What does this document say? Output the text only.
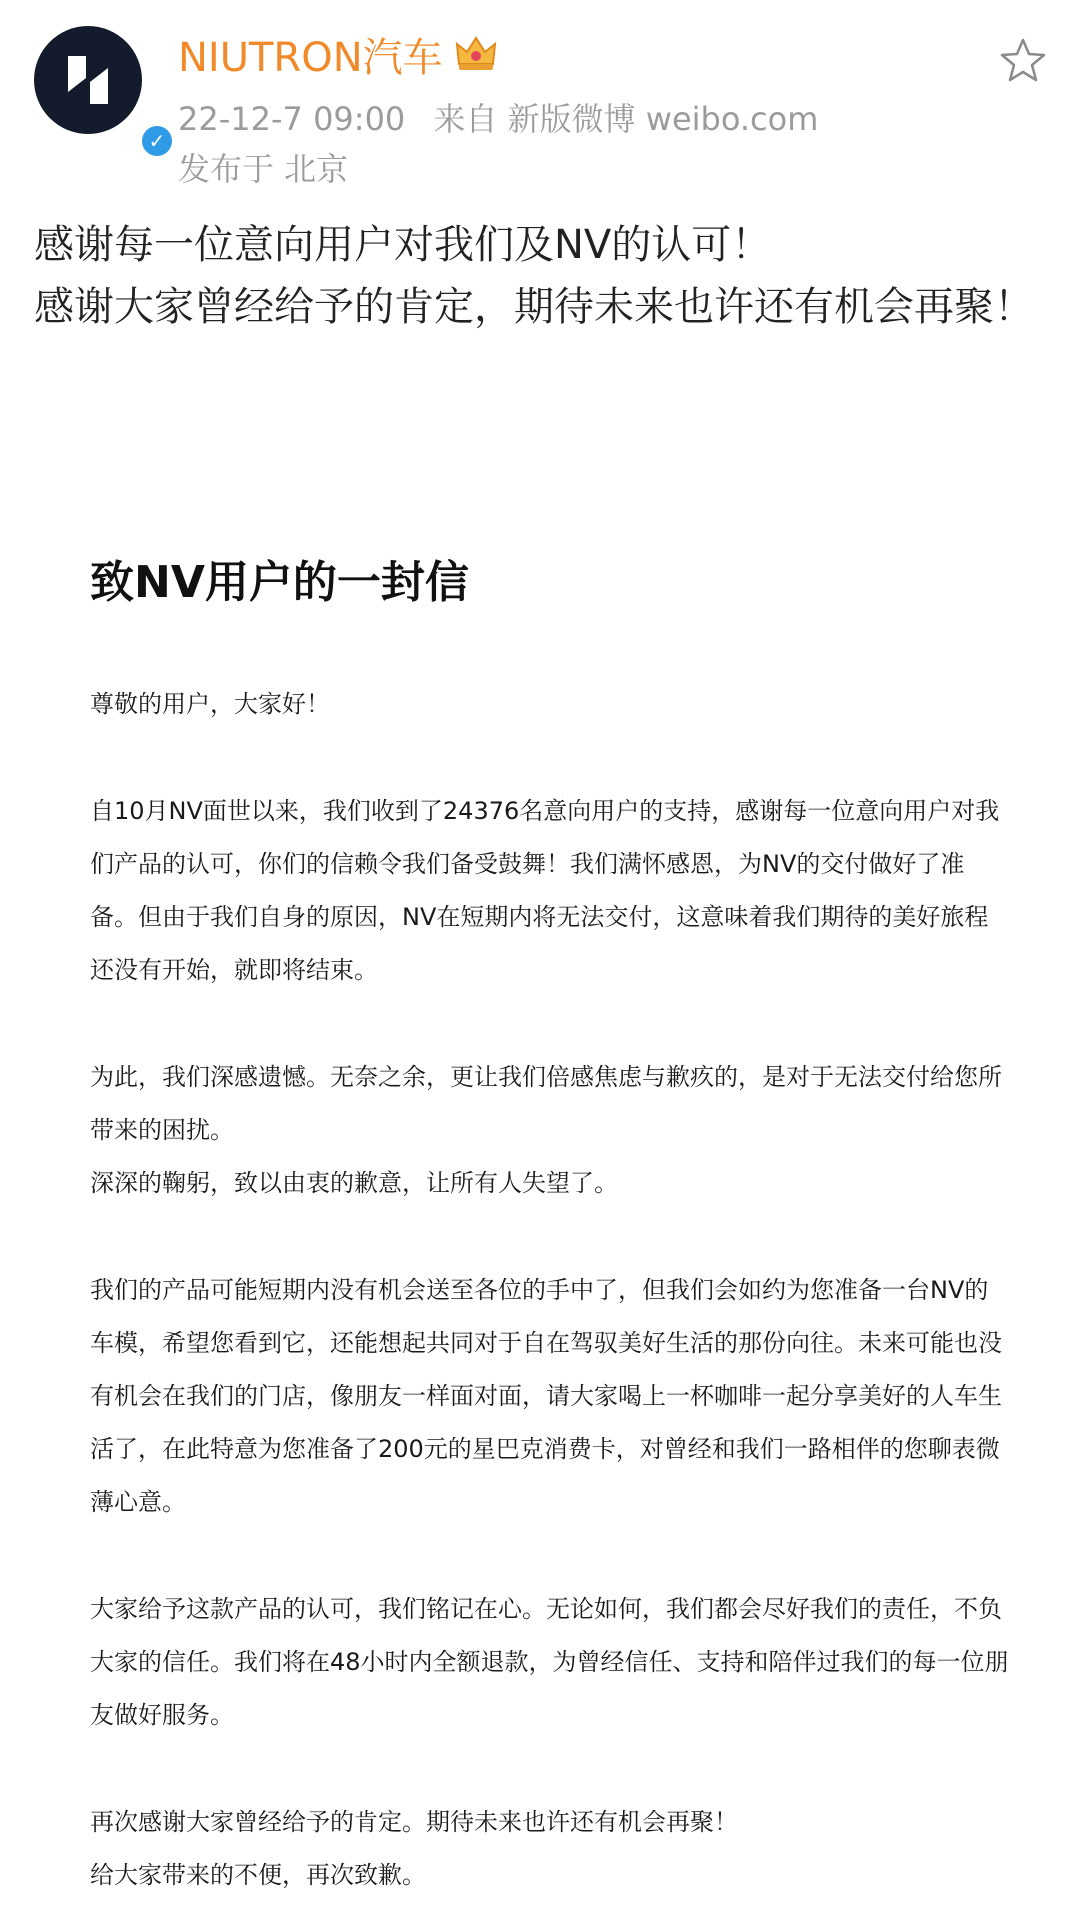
✓
NIUTRON汽车
22-12-7 09:00 来自 新版微博 weibo.com
发布于 北京

感谢每一位意向用户对我们及NV的认可！

感谢大家曾经给予的肯定，期待未来也许还有机会再聚！

致NV用户的一封信

尊敬的用户，大家好！

自10月NV面世以来，我们收到了24376名意向用户的支持，感谢每一位意向用户对我们产品的认可，你们的信赖令我们备受鼓舞！我们满怀感恩，为NV的交付做好了准备。但由于我们自身的原因，NV在短期内将无法交付，这意味着我们期待的美好旅程还没有开始，就即将结束。

为此，我们深感遗憾。无奈之余，更让我们倍感焦虑与歉疚的，是对于无法交付给您所带来的困扰。

深深的鞠躬，致以由衷的歉意，让所有人失望了。

我们的产品可能短期内没有机会送至各位的手中了，但我们会如约为您准备一台NV的车模，希望您看到它，还能想起共同对于自在驾驭美好生活的那份向往。未来可能也没有机会在我们的门店，像朋友一样面对面，请大家喝上一杯咖啡一起分享美好的人车生活了，在此特意为您准备了200元的星巴克消费卡，对曾经和我们一路相伴的您聊表微薄心意。

大家给予这款产品的认可，我们铭记在心。无论如何，我们都会尽好我们的责任，不负大家的信任。我们将在48小时内全额退款，为曾经信任、支持和陪伴过我们的每一位朋友做好服务。

再次感谢大家曾经给予的肯定。期待未来也许还有机会再聚！

给大家带来的不便，再次致歉。
